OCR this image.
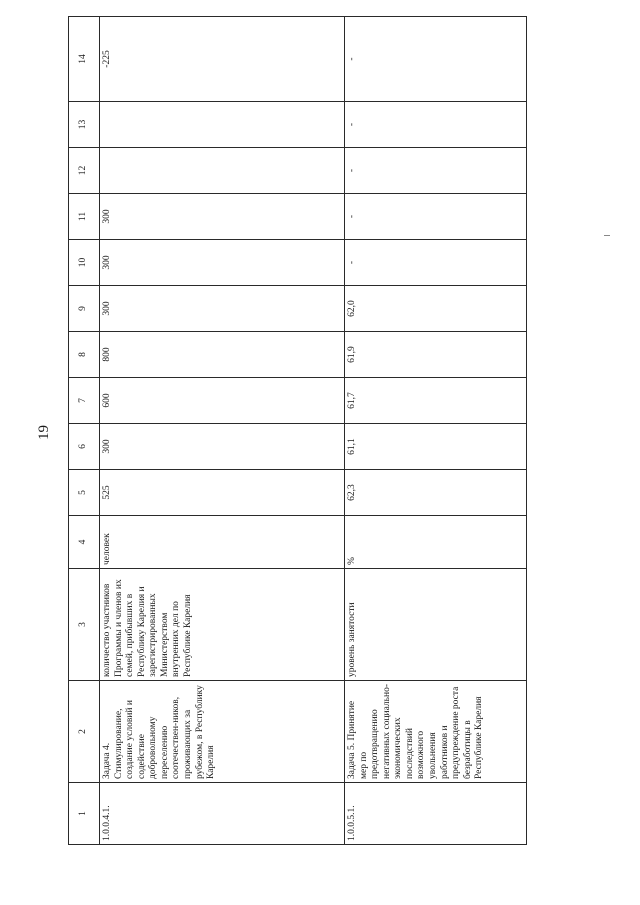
19
1	2	3	4	5	6	7	8	9	10	11	12	13	14
1.0.0.4.1.	Задача 4. Стимулирование, создание условий и содействие добровольному переселению соотечествен-ников, проживающих за рубежом, в Республику Карелия	количество участников Программы и членов их семей, прибывших в Республику Карелия и зарегистрированных Министерством внутренних дел по Республике Карелия	человек	525	300	600	800	300	300	300			-225
1.0.0.5.1.	Задача 5. Принятие мер по предотвращению негативных социально-экономических последствий возможного увольнения работников и предупреждение роста безработицы в Республике Карелия	уровень занятости	%	62,3	61,1	61,7	61,9	62,0	-	-	-	-	-
